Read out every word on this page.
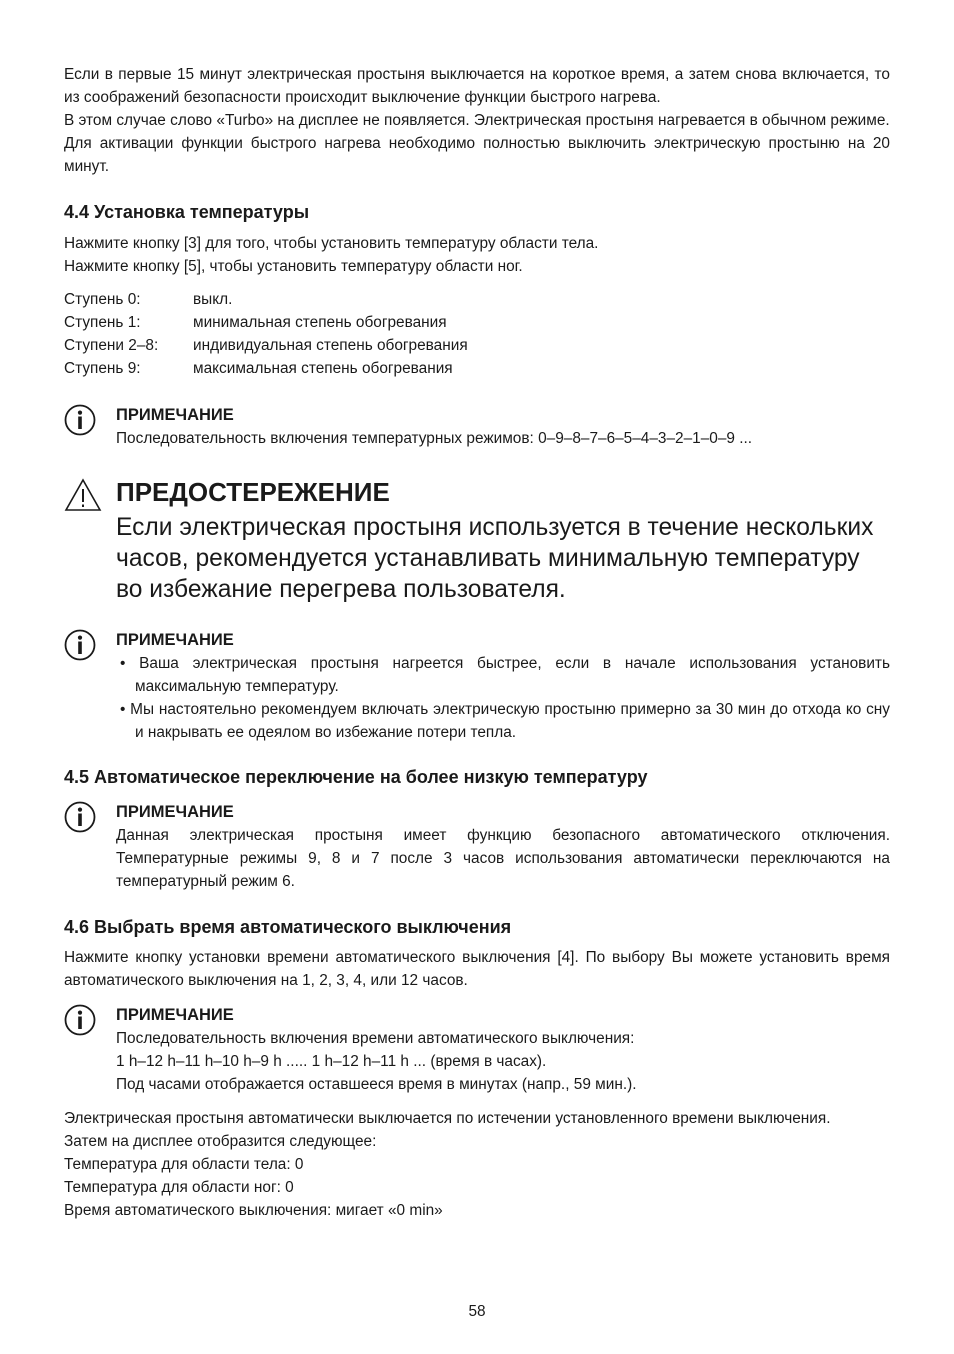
Если в первые 15 минут электрическая простыня выключается на короткое время, а затем снова включается, то из соображений безопасности происходит выключение функции быстрого нагрева.

В этом случае слово «Turbo» на дисплее не появляется. Электрическая простыня нагревается в обычном режиме.

Для активации функции быстрого нагрева необходимо полностью выключить электрическую простыню на 20 минут.

4.4 Установка температуры

Нажмите кнопку [3] для того, чтобы установить температуру области тела.

Нажмите кнопку [5], чтобы установить температуру области ног.

Ступень 0:	выкл.
Ступень 1:	минимальная степень обогревания
Ступени 2–8:	индивидуальная степень обогревания
Ступень 9:	максимальная степень обогревания
ПРИМЕЧАНИЕ

Последовательность включения температурных режимов: 0–9–8–7–6–5–4–3–2–1–0–9 ...

ПРЕДОСТЕРЕЖЕНИЕ

Если электрическая простыня используется в течение нескольких часов, рекомендуется устанавливать минимальную температуру во избежание перегрева пользователя.

ПРИМЕЧАНИЕ
• Ваша электрическая простыня нагреется быстрее, если в начале использования установить максимальную температуру.
• Мы настоятельно рекомендуем включать электрическую простыню примерно за 30 мин до отхода ко сну и накрывать ее одеялом во избежание потери тепла.
4.5 Автоматическое переключение на более низкую температуру
ПРИМЕЧАНИЕ

Данная электрическая простыня имеет функцию безопасного автоматического отключения. Температурные режимы 9, 8 и 7 после 3 часов использования автоматически переключаются на температурный режим 6.

4.6 Выбрать время автоматического выключения

Нажмите кнопку установки времени автоматического выключения [4]. По выбору Вы можете установить время автоматического выключения на 1, 2, 3, 4, или 12 часов.

ПРИМЕЧАНИЕ

Последовательность включения времени автоматического выключения:

1 h–12 h–11 h–10 h–9 h ..... 1 h–12 h–11 h ... (время в часах).

Под часами отображается оставшееся время в минутах (напр., 59 мин.).

Электрическая простыня автоматически выключается по истечении установленного времени выключения.

Затем на дисплее отобразится следующее:

Температура для области тела: 0

Температура для области ног: 0

Время автоматического выключения: мигает «0 min»

58
